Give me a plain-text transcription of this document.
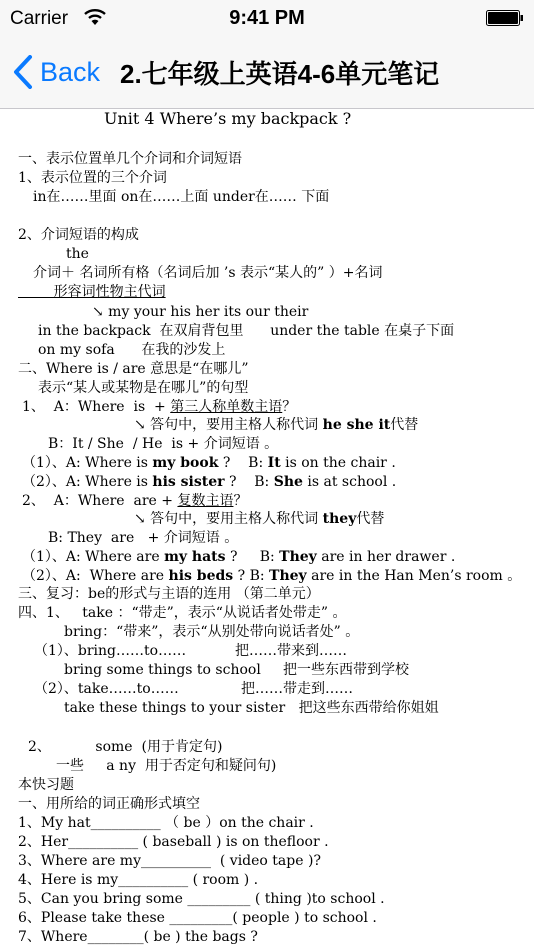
Carrier	9:41 PM
Back 2.七年级上英语4-6单元笔记
Unit 4 Where’s my backpack ?
一、表示位置单几个介词和介词短语
1、表示位置的三个介词
in在……里面 on在……上面 under在…… 下面
2、介词短语的构成
the
介词＋ 名词所有格（名词后加 ’s 表示“某人的” ）+名词
形容词性物主代词
↘ my your his her its our their
in the backpack  在双肩背包里      under the table 在桌子下面
on my sofa      在我的沙发上
二、Where is / are 意思是“在哪儿”
表示“某人或某物是在哪儿”的句型
1、  A：Where  is  + 第三人称单数主语？
↘ 答句中，要用主格人称代词 he she it代替
B：It / She  / He  is + 介词短语 。
（1）、A: Where is my book ?    B: It is on the chair .
（2）、A: Where is his sister ?    B: She is at school .
2、  A：Where  are + 复数主语？
↘ 答句中，要用主格人称代词 they代替
B: They  are   + 介词短语 。
（1）、A: Where are my hats ?     B: They are in her drawer .
（2）、A:  Where are his beds ? B: They are in the Han Men’s room 。
三、复习：be的形式与主语的连用 （第二单元）
四、1、   take ：“带走”，表示“从说话者处带走” 。
bring：“带来”，表示“从别处带向说话者处” 。
（1）、bring……to……           把……带来到……
bring some things to school     把一些东西带到学校
（2）、take……to……              把……带走到……
take these things to your sister   把这些东西带给你姐姐
2、          some  (用于肯定句)
一些     a ny  用于否定句和疑问句)
本快习题
一、用所给的词正确形式填空
1、My hat__________ （ be ）on the chair .
2、Her__________ ( baseball ) is on thefloor .
3、Where are my__________  ( video tape )?
4、Here is my__________ ( room ) .
5、Can you bring some _________ ( thing )to school .
6、Please take these _________( people ) to school .
7、Where________( be ) the bags ?
